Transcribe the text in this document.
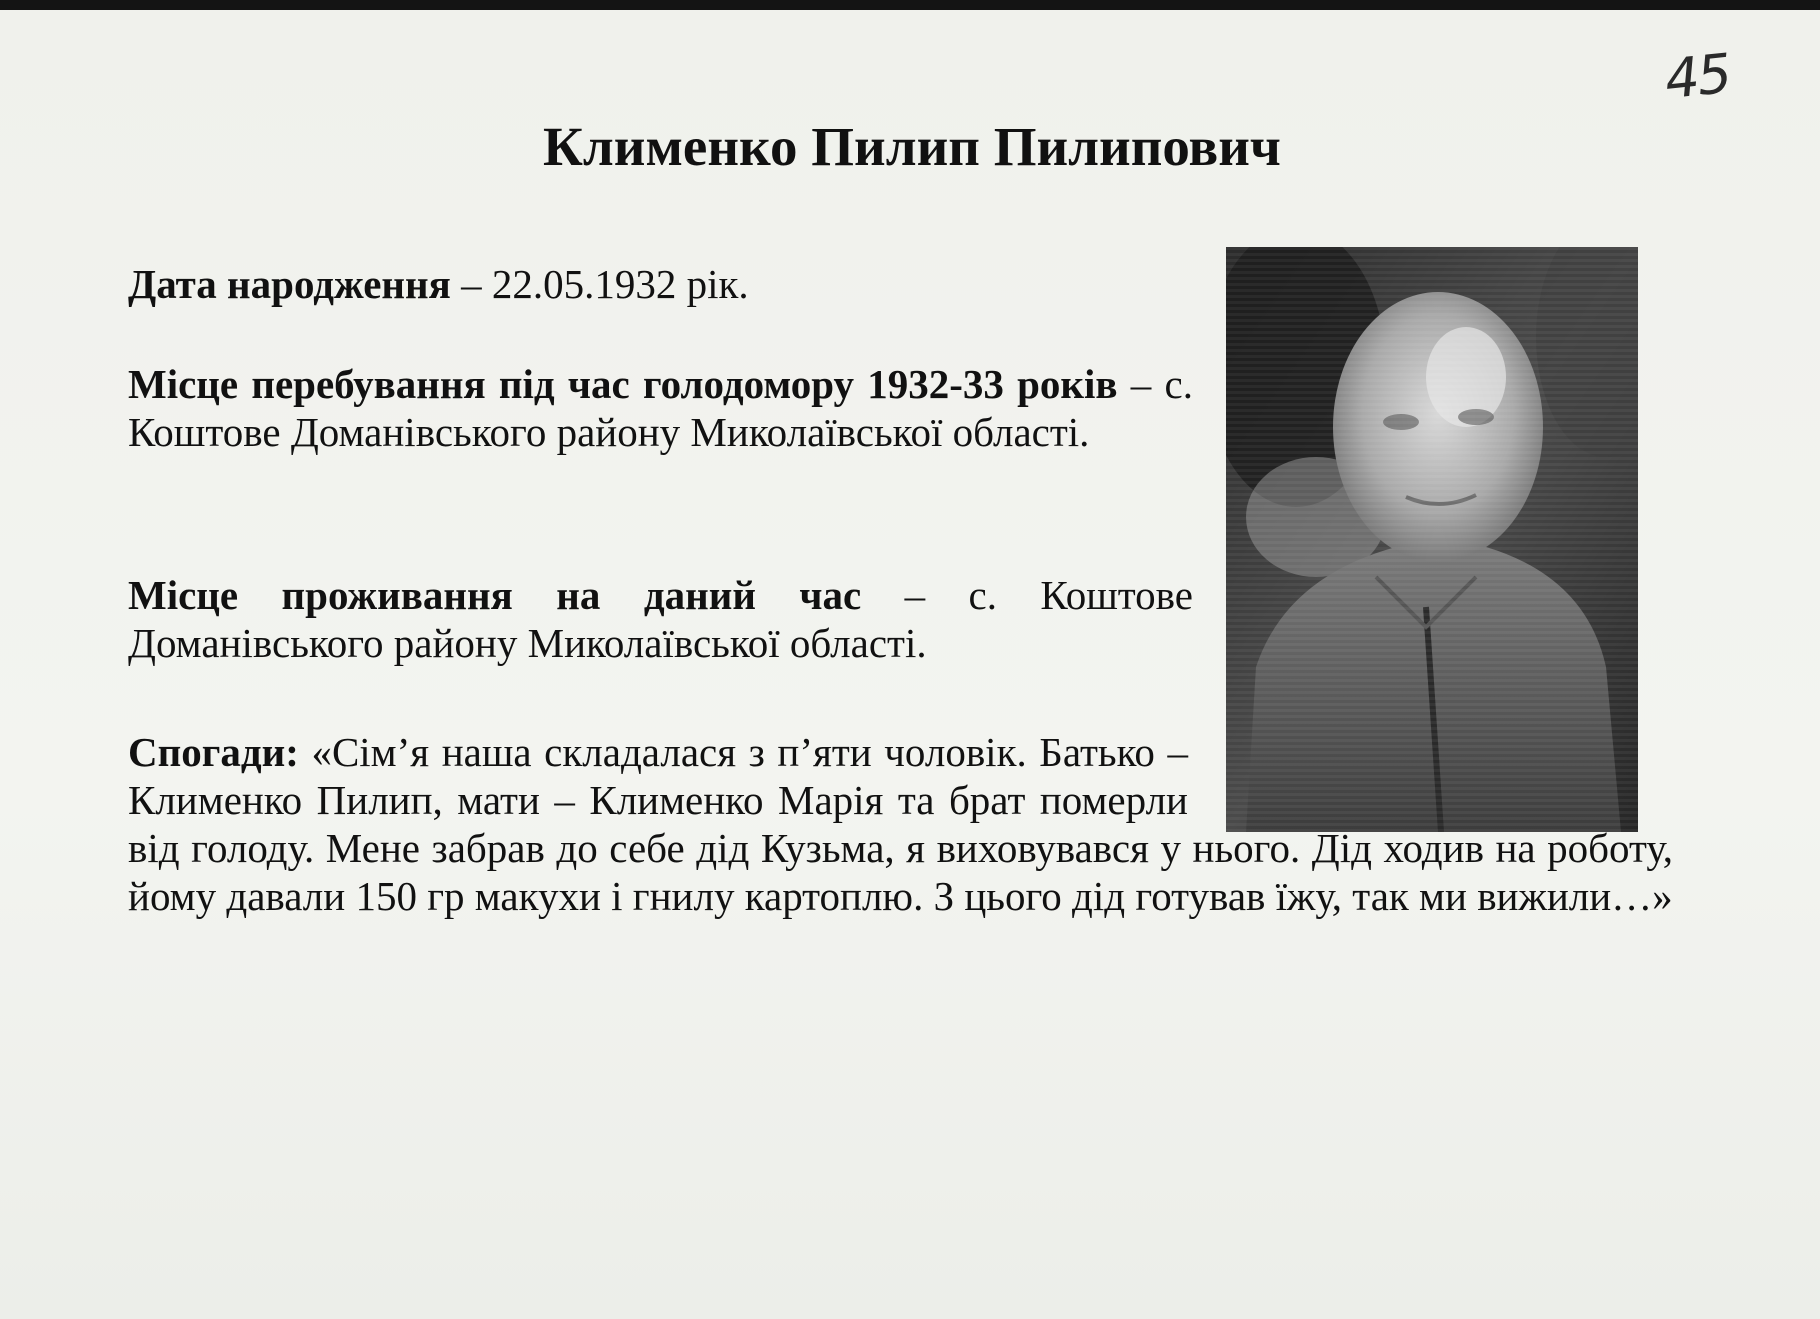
45
Клименко Пилип Пилипович

Дата народження – 22.05.1932 рік.

Місце перебування під час голодомору 1932-33 років – с. Коштове Доманівського району Миколаївської області.

Місце проживання на даний час – с. Коштове Доманівського району Миколаївської області.

Спогади: «Сім’я наша складалася з п’яти чоловік. Батько – Клименко Пилип, мати – Клименко Марія та брат померли від голоду. Мене забрав до себе дід Кузьма, я виховувався у нього. Дід ходив на роботу, йому давали 150 гр макухи і гнилу картоплю. З цього дід готував їжу, так ми вижили…»
